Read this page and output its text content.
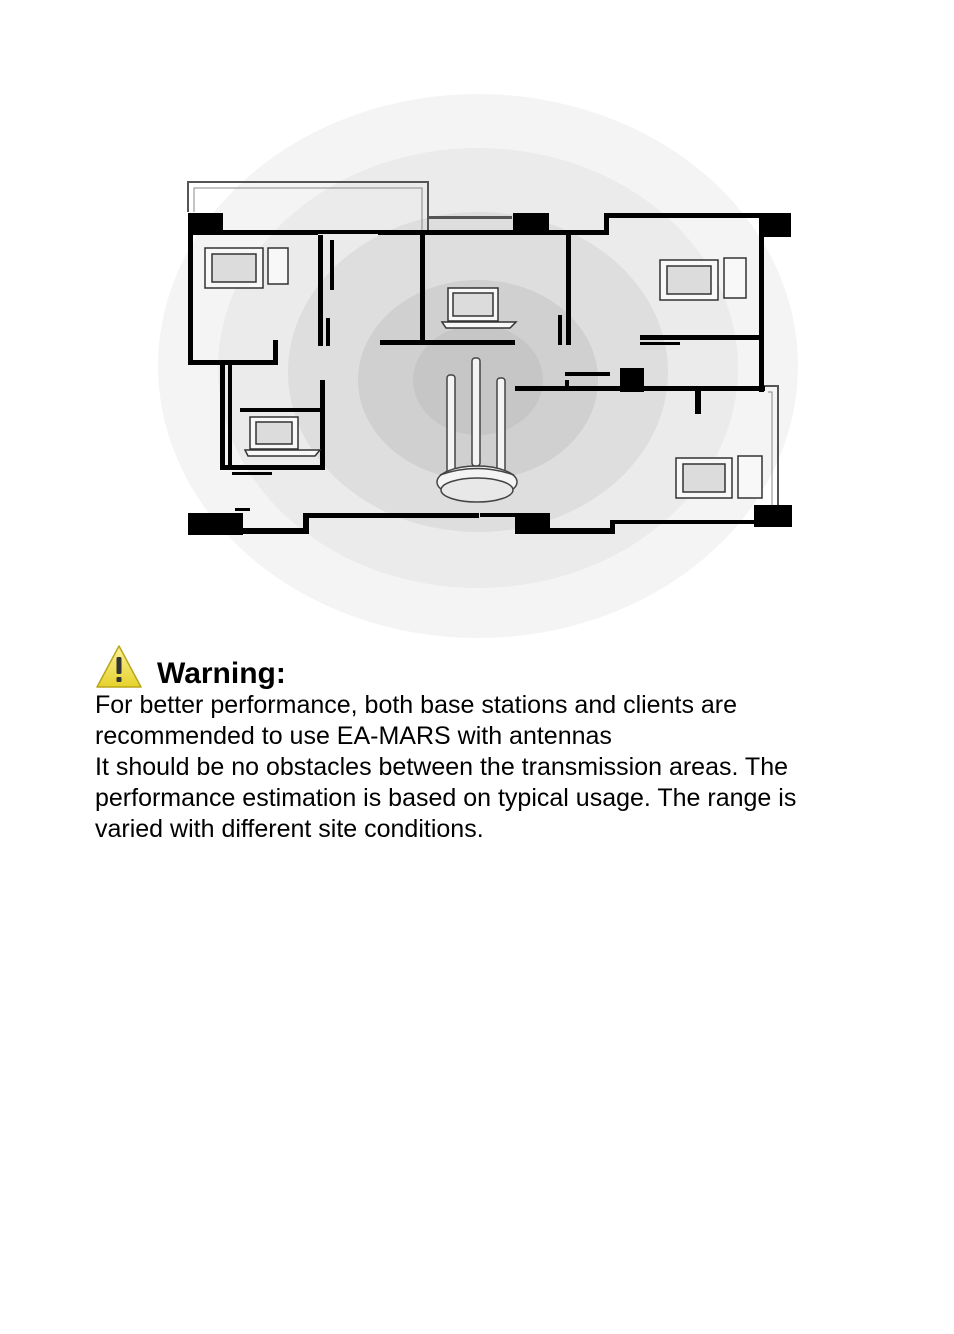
Warning:

For better performance, both base stations and clients are

recommended to use EA-MARS with antennas

It should be no obstacles between the transmission areas. The

performance estimation is based on typical usage. The range is

varied with different site conditions.
